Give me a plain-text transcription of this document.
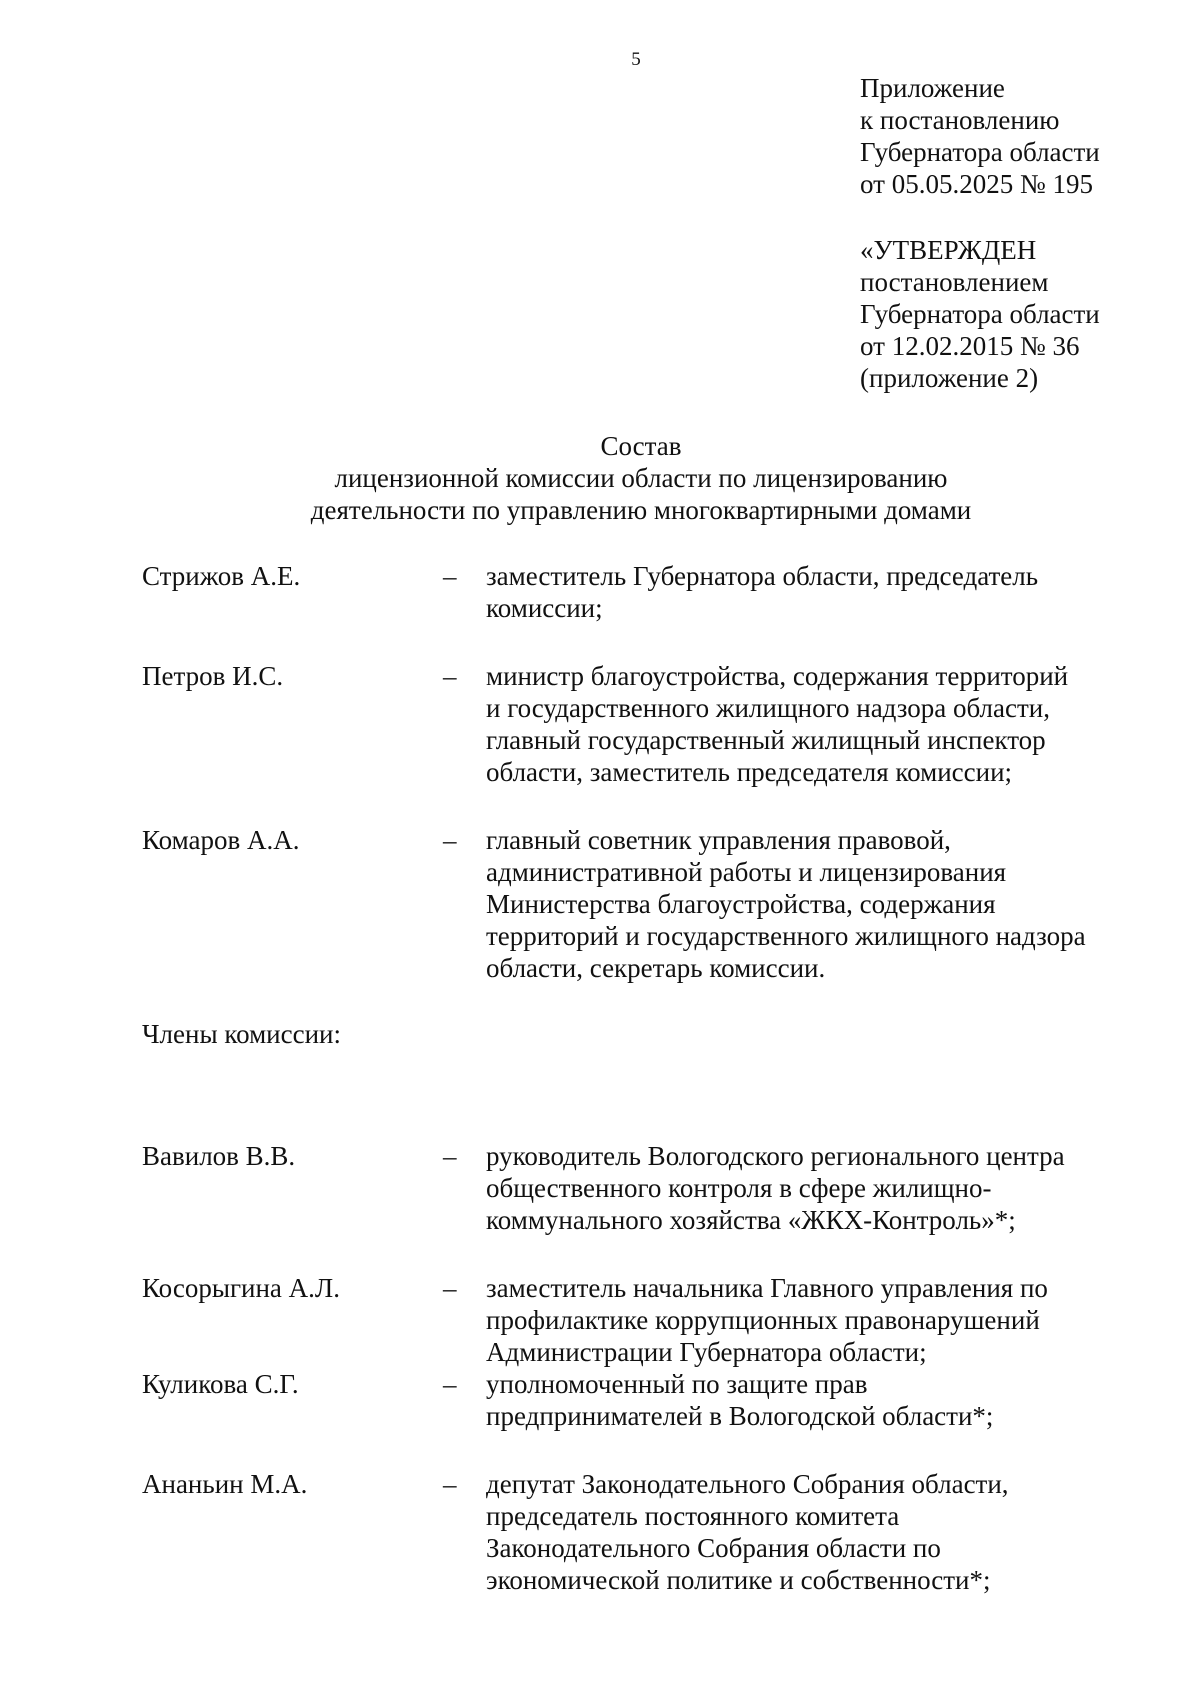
5
Приложение
к постановлению
Губернатора области
от 05.05.2025 № 195
«УТВЕРЖДЕН
постановлением
Губернатора области
от 12.02.2015 № 36
(приложение 2)
Состав
лицензионной комиссии области по лицензированию
деятельности по управлению многоквартирными домами
Стрижов А.Е.	– заместитель Губернатора области, председатель
комиссии;
Петров И.С.	– министр благоустройства, содержания территорий
и государственного жилищного надзора области,
главный государственный жилищный инспектор
области, заместитель председателя комиссии;
Комаров А.А.	– главный советник управления правовой,
административной работы и лицензирования
Министерства благоустройства, содержания
территорий и государственного жилищного надзора
области, секретарь комиссии.
Члены комиссии:
Вавилов В.В.	– руководитель Вологодского регионального центра
общественного контроля в сфере жилищно-
коммунального хозяйства «ЖКХ-Контроль»*;
Косорыгина А.Л.	– заместитель начальника Главного управления по
профилактике коррупционных правонарушений
Администрации Губернатора области;
Куликова С.Г.	– уполномоченный по защите прав
предпринимателей в Вологодской области*;
Ананьин М.А.	– депутат Законодательного Собрания области,
председатель постоянного комитета
Законодательного Собрания области по
экономической политике и собственности*;
